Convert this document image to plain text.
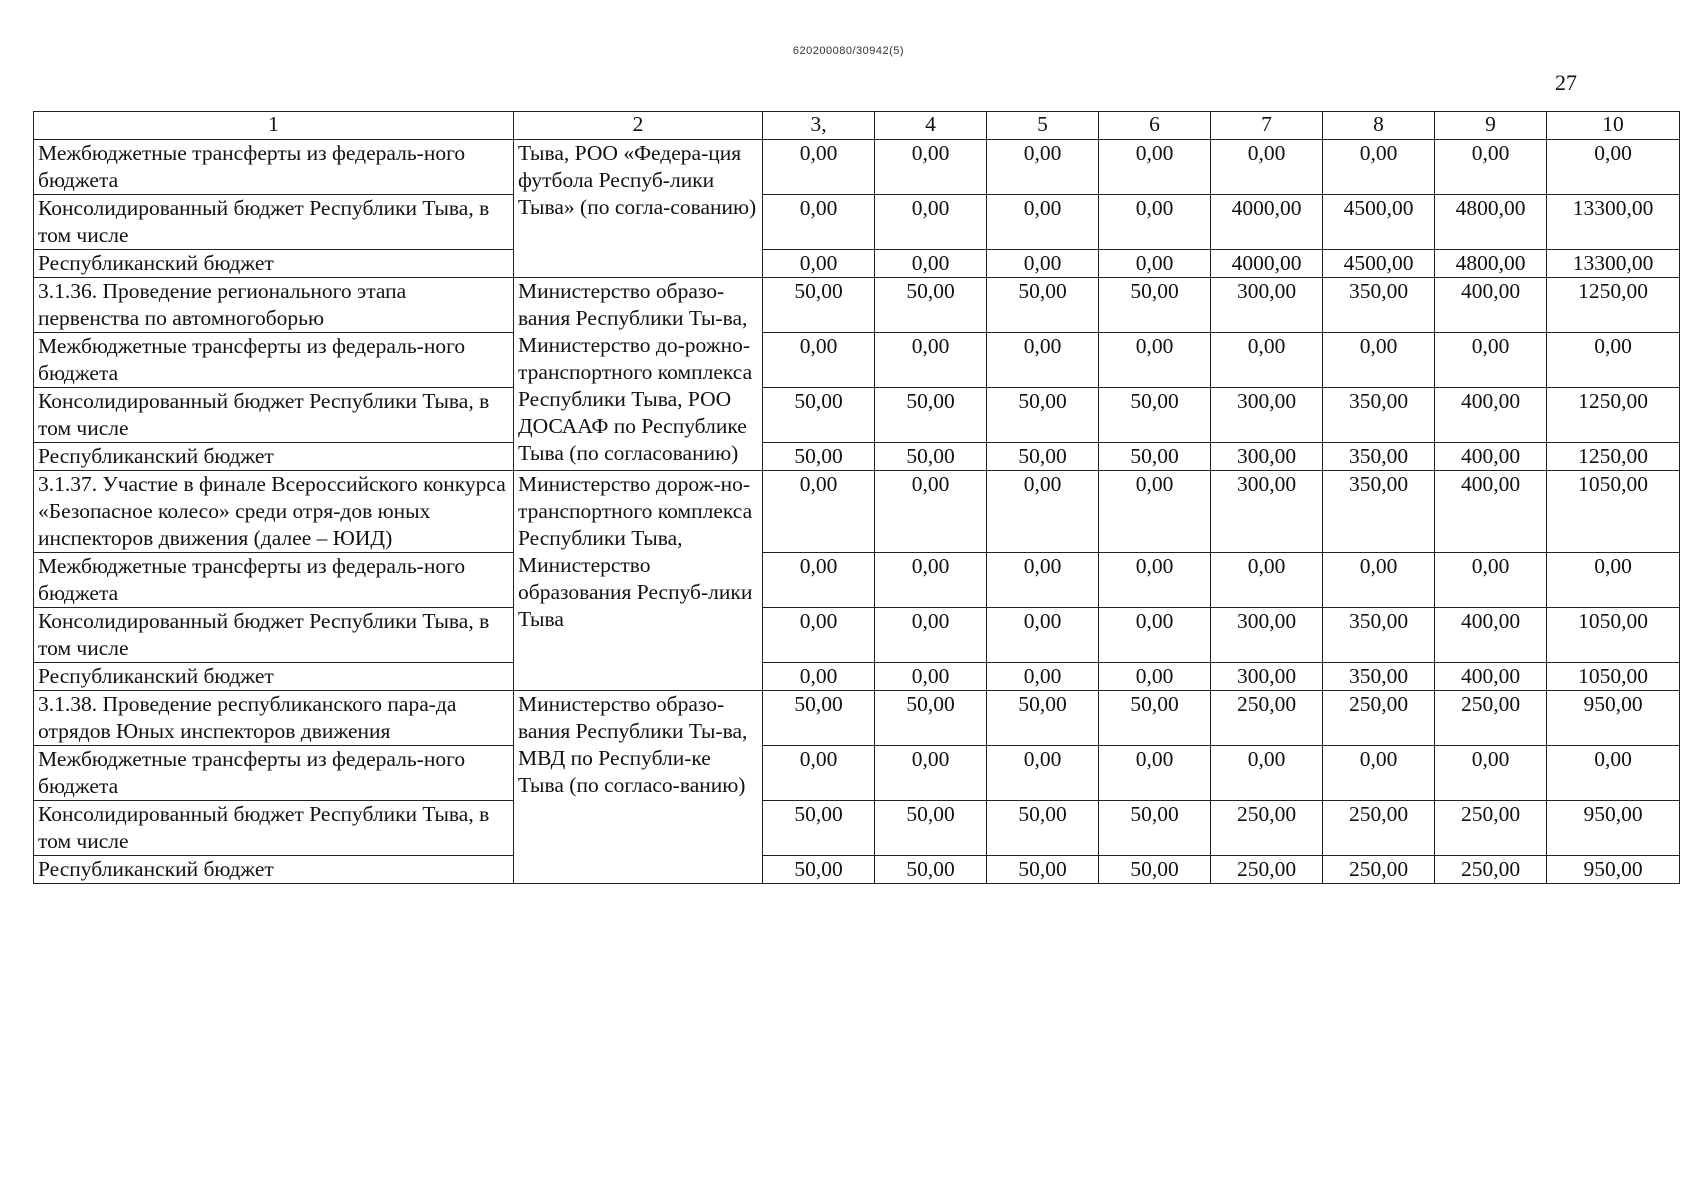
620200080/30942(5)
27
1	2	3,	4	5	6	7	8	9	10
Межбюджетные трансферты из федераль-ного бюджета	Тыва, РОО «Федера-ция футбола Респуб-лики Тыва» (по согла-сованию)	0,00	0,00	0,00	0,00	0,00	0,00	0,00	0,00
Консолидированный бюджет Республики Тыва, в том числе		0,00	0,00	0,00	0,00	4000,00	4500,00	4800,00	13300,00
Республиканский бюджет		0,00	0,00	0,00	0,00	4000,00	4500,00	4800,00	13300,00
3.1.36. Проведение регионального этапа первенства по автомногоборью	Министерство образо-вания Республики Ты-ва, Министерство до-рожно-транспортного комплекса Республики Тыва, РОО ДОСААФ по Республике Тыва (по согласованию)	50,00	50,00	50,00	50,00	300,00	350,00	400,00	1250,00
Межбюджетные трансферты из федераль-ного бюджета		0,00	0,00	0,00	0,00	0,00	0,00	0,00	0,00
Консолидированный бюджет Республики Тыва, в том числе		50,00	50,00	50,00	50,00	300,00	350,00	400,00	1250,00
Республиканский бюджет		50,00	50,00	50,00	50,00	300,00	350,00	400,00	1250,00
3.1.37. Участие в финале Всероссийского конкурса «Безопасное колесо» среди отря-дов юных инспекторов движения (далее – ЮИД)	Министерство дорож-но-транспортного комплекса Республики Тыва, Министерство образования Респуб-лики Тыва	0,00	0,00	0,00	0,00	300,00	350,00	400,00	1050,00
Межбюджетные трансферты из федераль-ного бюджета		0,00	0,00	0,00	0,00	0,00	0,00	0,00	0,00
Консолидированный бюджет Республики Тыва, в том числе		0,00	0,00	0,00	0,00	300,00	350,00	400,00	1050,00
Республиканский бюджет		0,00	0,00	0,00	0,00	300,00	350,00	400,00	1050,00
3.1.38. Проведение республиканского пара-да отрядов Юных инспекторов движения	Министерство образо-вания Республики Ты-ва, МВД по Республи-ке Тыва (по согласо-ванию)	50,00	50,00	50,00	50,00	250,00	250,00	250,00	950,00
Межбюджетные трансферты из федераль-ного бюджета		0,00	0,00	0,00	0,00	0,00	0,00	0,00	0,00
Консолидированный бюджет Республики Тыва, в том числе		50,00	50,00	50,00	50,00	250,00	250,00	250,00	950,00
Республиканский бюджет		50,00	50,00	50,00	50,00	250,00	250,00	250,00	950,00
